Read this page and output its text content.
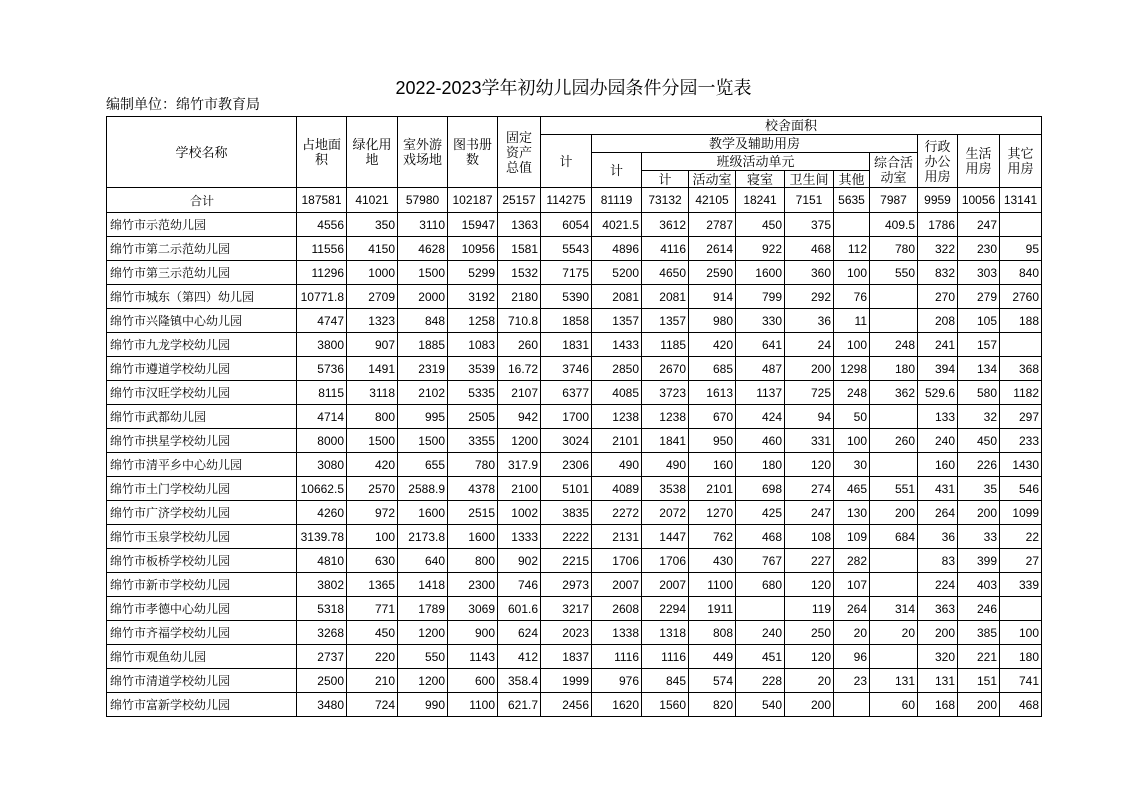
2022-2023学年初幼儿园办园条件分园一览表
编制单位：绵竹市教育局
学校名称	占地面积	绿化用地	室外游戏场地	图书册数	固定资产总值	校舍面积										
						计	教学及辅助用房							行政办公用房	生活用房	其它用房
							计	班级活动单元					综合活动室			
								计	活动室	寝室	卫生间	其他				
合计	187581	41021	57980	102187	25157	114275	81119	73132	42105	18241	7151	5635	7987	9959	10056	13141
绵竹市示范幼儿园	4556	350	3110	15947	1363	6054	4021.5	3612	2787	450	375		409.5	1786	247	
绵竹市第二示范幼儿园	11556	4150	4628	10956	1581	5543	4896	4116	2614	922	468	112	780	322	230	95
绵竹市第三示范幼儿园	11296	1000	1500	5299	1532	7175	5200	4650	2590	1600	360	100	550	832	303	840
绵竹市城东（第四）幼儿园	10771.8	2709	2000	3192	2180	5390	2081	2081	914	799	292	76		270	279	2760
绵竹市兴隆镇中心幼儿园	4747	1323	848	1258	710.8	1858	1357	1357	980	330	36	11		208	105	188
绵竹市九龙学校幼儿园	3800	907	1885	1083	260	1831	1433	1185	420	641	24	100	248	241	157	
绵竹市遵道学校幼儿园	5736	1491	2319	3539	16.72	3746	2850	2670	685	487	200	1298	180	394	134	368
绵竹市汉旺学校幼儿园	8115	3118	2102	5335	2107	6377	4085	3723	1613	1137	725	248	362	529.6	580	1182
绵竹市武都幼儿园	4714	800	995	2505	942	1700	1238	1238	670	424	94	50		133	32	297
绵竹市拱星学校幼儿园	8000	1500	1500	3355	1200	3024	2101	1841	950	460	331	100	260	240	450	233
绵竹市清平乡中心幼儿园	3080	420	655	780	317.9	2306	490	490	160	180	120	30		160	226	1430
绵竹市土门学校幼儿园	10662.5	2570	2588.9	4378	2100	5101	4089	3538	2101	698	274	465	551	431	35	546
绵竹市广济学校幼儿园	4260	972	1600	2515	1002	3835	2272	2072	1270	425	247	130	200	264	200	1099
绵竹市玉泉学校幼儿园	3139.78	100	2173.8	1600	1333	2222	2131	1447	762	468	108	109	684	36	33	22
绵竹市板桥学校幼儿园	4810	630	640	800	902	2215	1706	1706	430	767	227	282		83	399	27
绵竹市新市学校幼儿园	3802	1365	1418	2300	746	2973	2007	2007	1100	680	120	107		224	403	339
绵竹市孝德中心幼儿园	5318	771	1789	3069	601.6	3217	2608	2294	1911		119	264	314	363	246	
绵竹市齐福学校幼儿园	3268	450	1200	900	624	2023	1338	1318	808	240	250	20	20	200	385	100
绵竹市观鱼幼儿园	2737	220	550	1143	412	1837	1116	1116	449	451	120	96		320	221	180
绵竹市清道学校幼儿园	2500	210	1200	600	358.4	1999	976	845	574	228	20	23	131	131	151	741
绵竹市富新学校幼儿园	3480	724	990	1100	621.7	2456	1620	1560	820	540	200		60	168	200	468
